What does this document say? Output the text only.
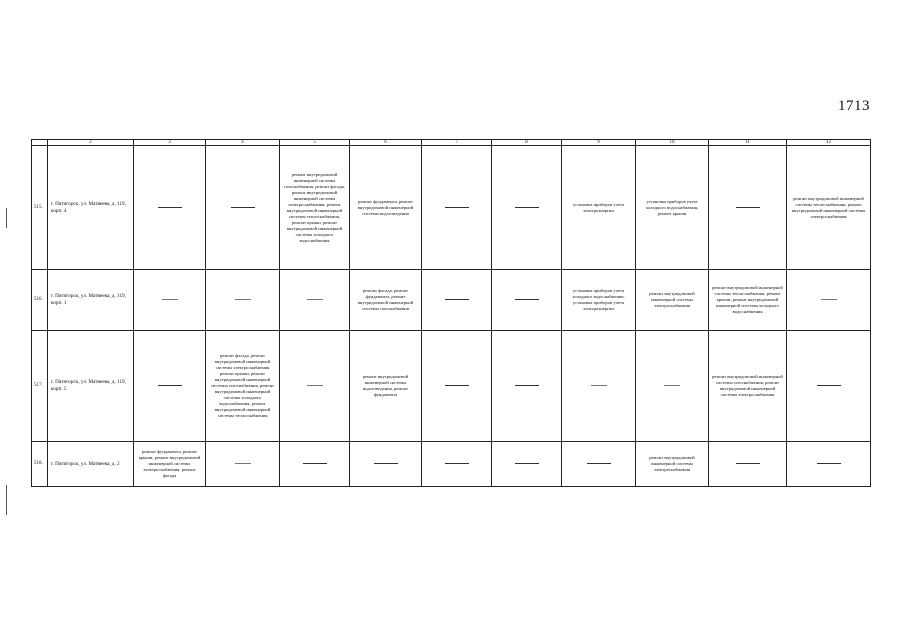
1713
	2	3	4	5	6	7	8	9	10	11	12
515.	г. Пятигорск, ул. Матвеева, д. 119, корп. 4			ремонт внутридомовой инженерной системы газоснабжения, ремонт фасада, ремонт внутридомовой инженерной системы электроснабжения, ремонт внутридомовой инженерной системы теплоснабжения, ремонт крыши, ремонт внутридомовой инженерной системы холодного водоснабжения	ремонт фундамента, ремонт внутридомовой инженерной системы водоотведения			установка приборов учета электроэнергии	установка приборов учета холодного водоснабжения, ремонт крыши		ремонт внутридомовой инженерной системы теплоснабжения, ремонт внутридомовой инженерной системы электроснабжения
516.	г. Пятигорск, ул. Матвеева, д. 119, корп. 1				ремонт фасада, ремонт фундамента, ремонт внутридомовой инженерной системы газоснабжения			установка приборов учета холодного водоснабжения, установка приборов учета электроэнергии	ремонт внутридомовой инженерной системы электроснабжения	ремонт внутридомовой инженерной системы теплоснабжения, ремонт крыши, ремонт внутридомовой инженерной системы холодного водоснабжения	
517.	г. Пятигорск, ул. Матвеева, д. 119, корп. 5		ремонт фасада, ремонт внутридомовой инженерной системы электроснабжения ремонт крыши, ремонт внутридомовой инженерной системы газоснабжения, ремонт внутридомовой инженерной системы холодного водоснабжения, ремонт внутридомовой инженерной системы теплоснабжения		ремонт внутридомовой инженерной системы водоотведения, ремонт фундамента					ремонт внутридомовой инженерной системы газоснабжения, ремонт внутридомовой инженерной системы электроснабжения	
518.	г. Пятигорск, ул. Матвеева, д. 2	ремонт фундамента, ремонт крыши, ремонт внутридомовой инженерной системы электроснабжения, ремонт фасада							ремонт внутридомовой инженерной системы электроснабжения		
